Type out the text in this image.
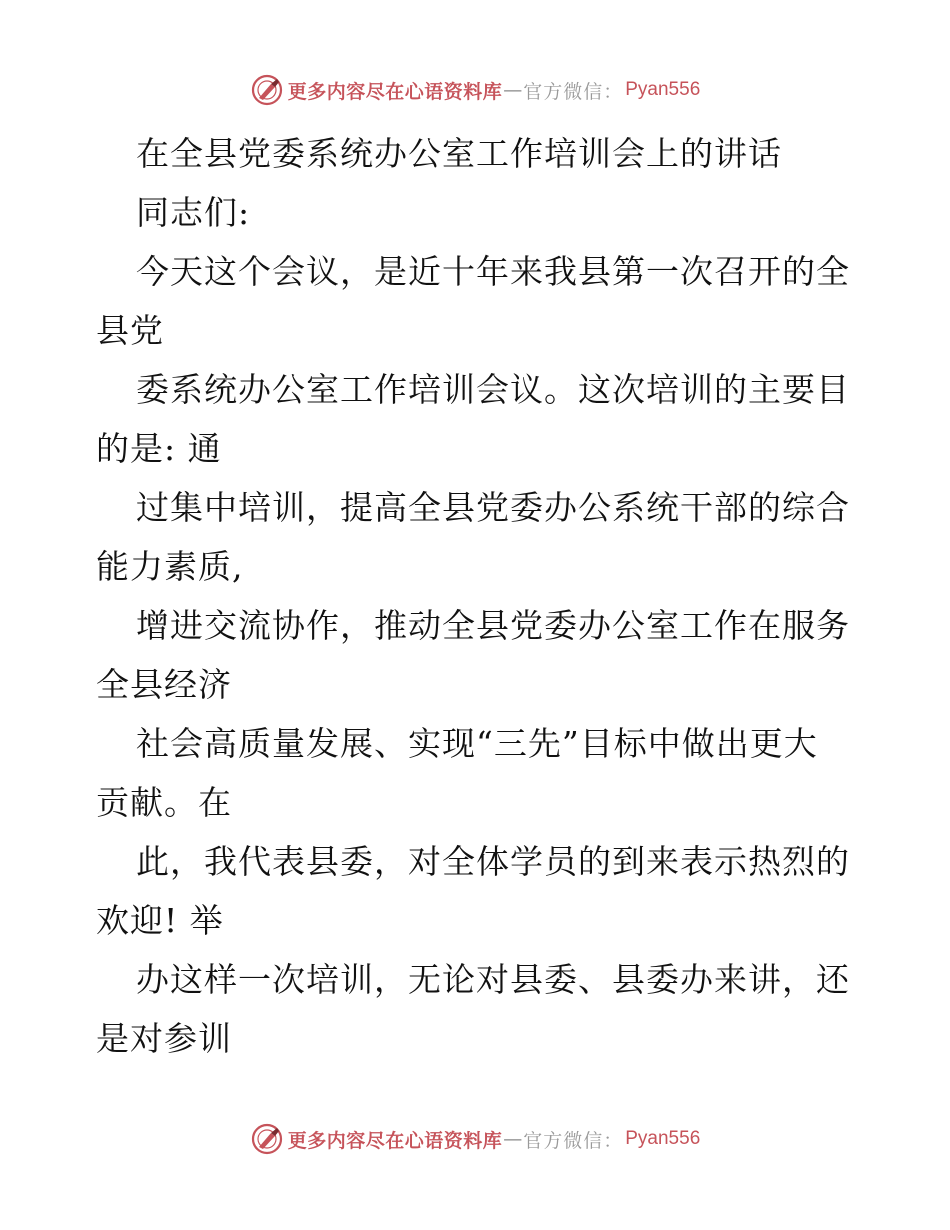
更多内容尽在心语资料库 — 官方微信： Pyan556
在全县党委系统办公室工作培训会上的讲话
同志们:
今天这个会议，是近十年来我县第一次召开的全
县党
委系统办公室工作培训会议。这次培训的主要目
的是: 通
过集中培训，提高全县党委办公系统干部的综合
能力素质,
增进交流协作，推动全县党委办公室工作在服务
全县经济
社会高质量发展、实现“三先”目标中做出更大
贡献。在
此，我代表县委，对全体学员的到来表示热烈的
欢迎! 举
办这样一次培训，无论对县委、县委办来讲，还
是对参训
更多内容尽在心语资料库 — 官方微信： Pyan556
